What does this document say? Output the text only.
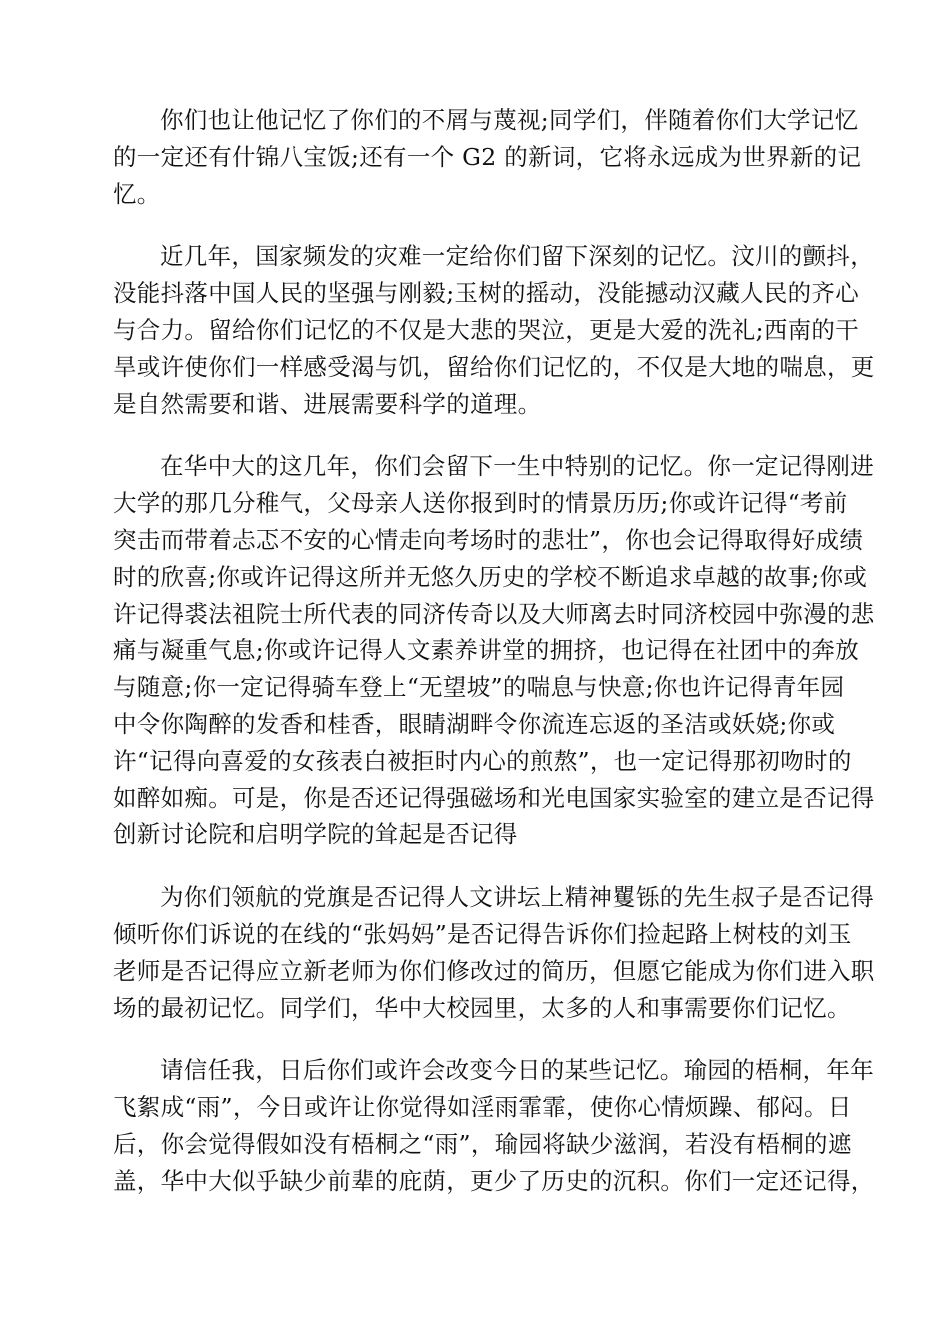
你们也让他记忆了你们的不屑与蔑视;同学们，伴随着你们大学记忆
的一定还有什锦八宝饭;还有一个 G2 的新词，它将永远成为世界新的记
忆。

近几年，国家频发的灾难一定给你们留下深刻的记忆。汶川的颤抖，
没能抖落中国人民的坚强与刚毅;玉树的摇动，没能撼动汉藏人民的齐心
与合力。留给你们记忆的不仅是大悲的哭泣，更是大爱的洗礼;西南的干
旱或许使你们一样感受渴与饥，留给你们记忆的，不仅是大地的喘息，更
是自然需要和谐、进展需要科学的道理。

在华中大的这几年，你们会留下一生中特别的记忆。你一定记得刚进
大学的那几分稚气，父母亲人送你报到时的情景历历;你或许记得“考前
突击而带着忐忑不安的心情走向考场时的悲壮”，你也会记得取得好成绩
时的欣喜;你或许记得这所并无悠久历史的学校不断追求卓越的故事;你或
许记得裘法祖院士所代表的同济传奇以及大师离去时同济校园中弥漫的悲
痛与凝重气息;你或许记得人文素养讲堂的拥挤，也记得在社团中的奔放
与随意;你一定记得骑车登上“无望坡”的喘息与快意;你也许记得青年园
中令你陶醉的发香和桂香，眼睛湖畔令你流连忘返的圣洁或妖娆;你或
许“记得向喜爱的女孩表白被拒时内心的煎熬”，也一定记得那初吻时的
如醉如痴。可是，你是否还记得强磁场和光电国家实验室的建立是否记得
创新讨论院和启明学院的耸起是否记得

为你们领航的党旗是否记得人文讲坛上精神矍铄的先生叔子是否记得
倾听你们诉说的在线的“张妈妈”是否记得告诉你们捡起路上树枝的刘玉
老师是否记得应立新老师为你们修改过的简历，但愿它能成为你们进入职
场的最初记忆。同学们，华中大校园里，太多的人和事需要你们记忆。

请信任我，日后你们或许会改变今日的某些记忆。瑜园的梧桐，年年
飞絮成“雨”，今日或许让你觉得如淫雨霏霏，使你心情烦躁、郁闷。日
后，你会觉得假如没有梧桐之“雨”，瑜园将缺少滋润，若没有梧桐的遮
盖，华中大似乎缺少前辈的庇荫，更少了历史的沉积。你们一定还记得，
